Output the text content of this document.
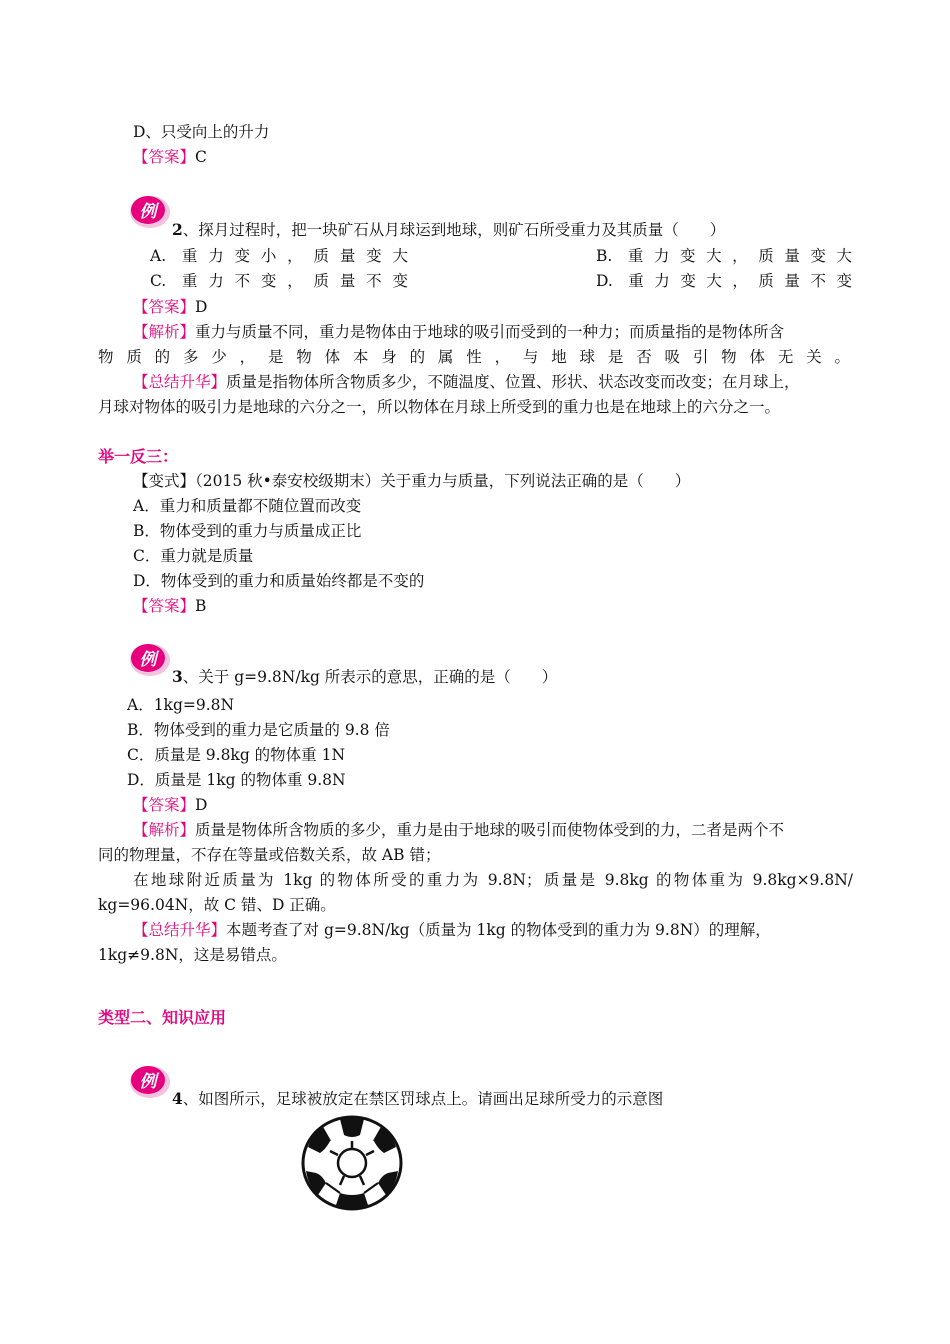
D、只受向上的升力
【答案】C
例
2、探月过程时，把一块矿石从月球运到地球，则矿石所受重力及其质量（　　）
A. 重力变小，质量变大	B. 重力变大，质量变大
C. 重力不变，质量不变	D. 重力变大，质量不变
【答案】D
【解析】重力与质量不同，重力是物体由于地球的吸引而受到的一种力；而质量指的是物体所含
物质的多少，是物体本身的属性，与地球是否吸引物体无关。
【总结升华】质量是指物体所含物质多少，不随温度、位置、形状、状态改变而改变；在月球上，
月球对物体的吸引力是地球的六分之一，所以物体在月球上所受到的重力也是在地球上的六分之一。
举一反三：
【变式】（2015 秋•泰安校级期末）关于重力与质量，下列说法正确的是（　　）
A．重力和质量都不随位置而改变
B．物体受到的重力与质量成正比
C．重力就是质量
D．物体受到的重力和质量始终都是不变的
【答案】B
例
3、关于 g=9.8N/kg 所表示的意思，正确的是（　　）
A．1kg=9.8N
B．物体受到的重力是它质量的 9.8 倍
C．质量是 9.8kg 的物体重 1N
D．质量是 1kg 的物体重 9.8N
【答案】D
【解析】质量是物体所含物质的多少，重力是由于地球的吸引而使物体受到的力，二者是两个不
同的物理量，不存在等量或倍数关系，故 AB 错；
在地球附近质量为 1kg 的物体所受的重力为 9.8N；质量是 9.8kg 的物体重为 9.8kg×9.8N/
kg=96.04N，故 C 错、D 正确。
【总结升华】本题考查了对 g=9.8N/kg（质量为 1kg 的物体受到的重力为 9.8N）的理解，
1kg≠9.8N，这是易错点。
类型二、知识应用
例
4、如图所示，足球被放定在禁区罚球点上。请画出足球所受力的示意图
